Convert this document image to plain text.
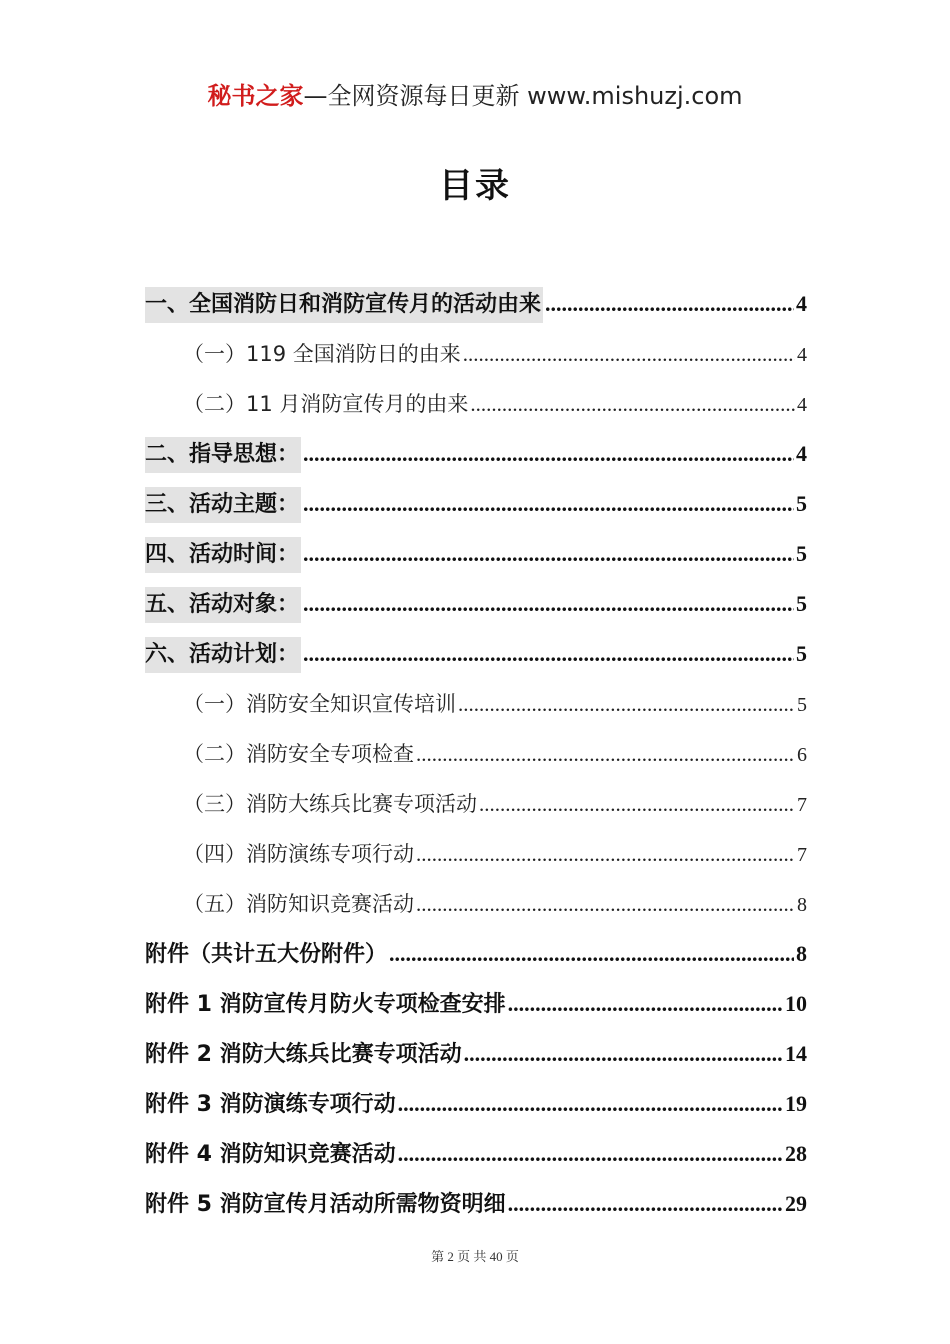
秘书之家—全网资源每日更新 www.mishuzj.com
目录
一、全国消防日和消防宣传月的活动由来 .....	4
（一）119 全国消防日的由来 .....	4
（二）11 月消防宣传月的由来 .....	4
二、指导思想： .....	4
三、活动主题： .....	5
四、活动时间： .....	5
五、活动对象： .....	5
六、活动计划： .....	5
（一）消防安全知识宣传培训 .....	5
（二）消防安全专项检查 .....	6
（三）消防大练兵比赛专项活动 .....	7
（四）消防演练专项行动 .....	7
（五）消防知识竞赛活动 .....	8
附件（共计五大份附件） .....	8
附件 1 消防宣传月防火专项检查安排 .....	10
附件 2 消防大练兵比赛专项活动 .....	14
附件 3 消防演练专项行动 .....	19
附件 4 消防知识竞赛活动 .....	28
附件 5 消防宣传月活动所需物资明细 .....	29
第 2 页 共 40 页
